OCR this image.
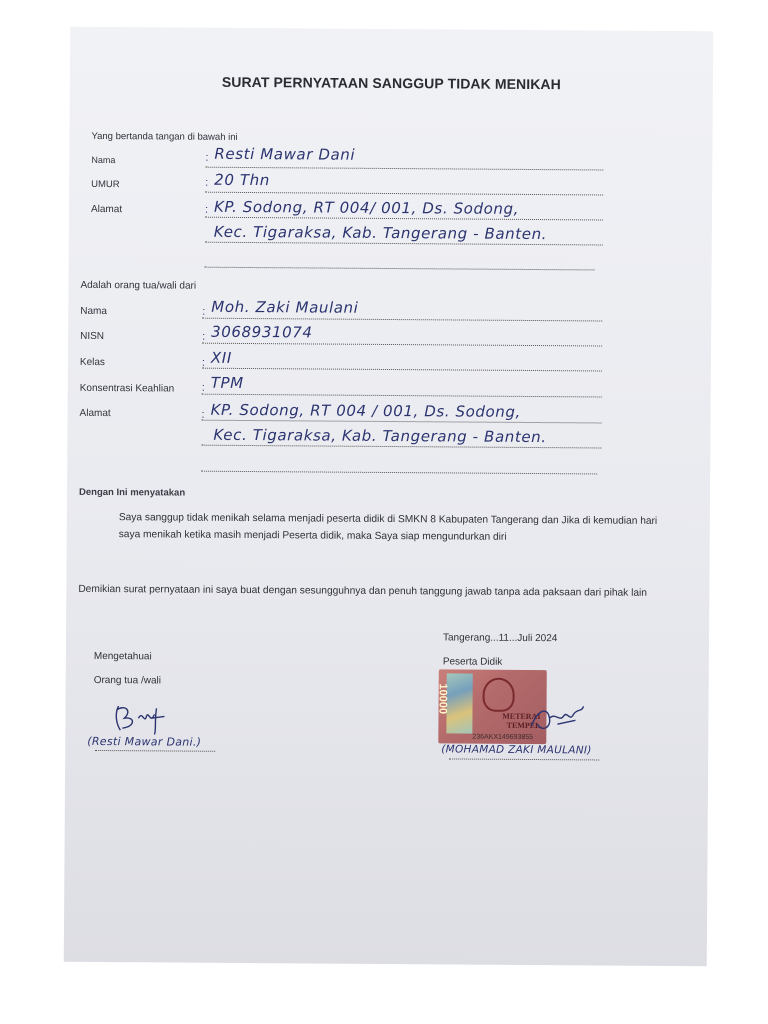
SURAT PERNYATAAN SANGGUP TIDAK MENIKAH
Yang bertanda tangan di bawah ini
Nama	: Resti Mawar Dani
UMUR	: 20 Thn
Alamat	: KP. Sodong, RT 004/ 001, Ds. Sodong,
Kec. Tigaraksa, Kab. Tangerang - Banten.
Adalah orang tua/wali dari
Nama	: Moh. Zaki Maulani
NISN	: 3068931074
Kelas	: XII
Konsentrasi Keahlian : TPM
Alamat	: KP. Sodong, RT 004 / 001, Ds. Sodong,
Kec. Tigaraksa, Kab. Tangerang - Banten.
Dengan Ini menyatakan
Saya sanggup tidak menikah selama menjadi peserta didik di SMKN 8 Kabupaten Tangerang dan Jika di kemudian hari saya menikah ketika masih menjadi Peserta didik, maka Saya siap mengundurkan diri
Demikian surat pernyataan ini saya buat dengan sesungguhnya dan penuh tanggung jawab tanpa ada paksaan dari pihak lain
Tangerang...11...Juli 2024
Mengetahuai
Orang tua /wali
Peserta Didik
METERAI
TEMPEL
10000
236AKX149693855
(Resti Mawar Dani.)
(MOHAMAD ZAKI MAULANI)
